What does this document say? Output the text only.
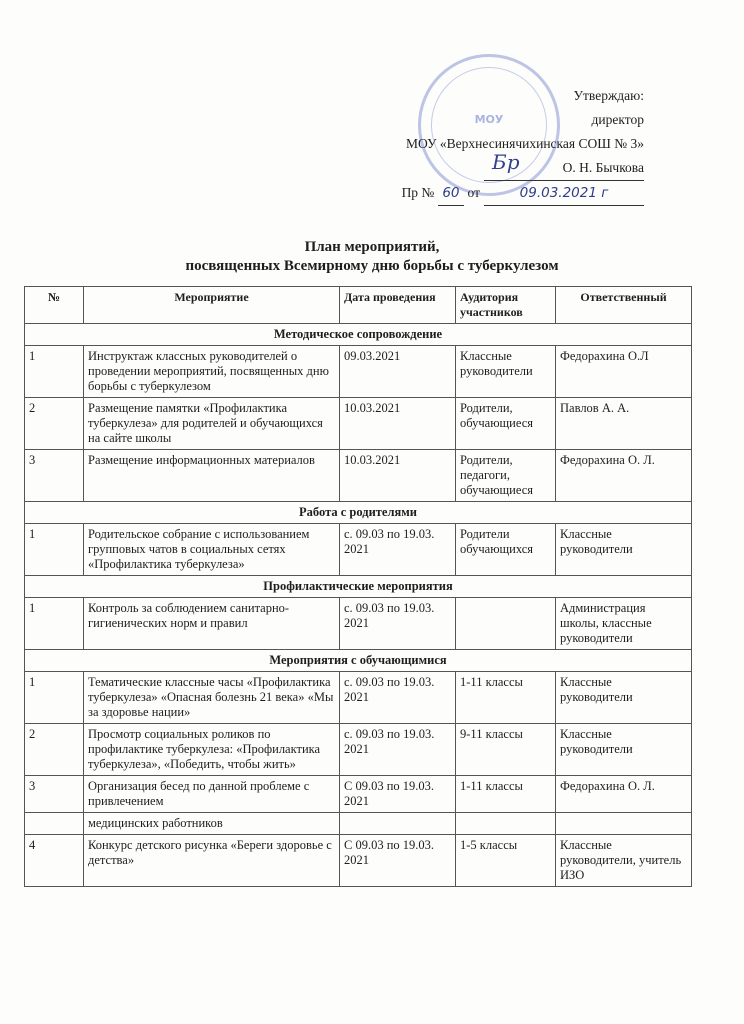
МОУ
Утверждаю:
директор
МОУ «Верхнесинячихинская СОШ № 3»
О. Н. Бычкова
Пр № 60 от	09.03.2021 г
Бр
План мероприятий,
посвященных Всемирному дню борьбы с туберкулезом
№	Мероприятие	Дата проведения	Аудитория участников	Ответственный
Методическое сопровождение				
1	Инструктаж классных руководителей о проведении мероприятий, посвященных дню борьбы с туберкулезом	09.03.2021	Классные руководители	Федорахина О.Л
2	Размещение памятки «Профилактика туберкулеза» для родителей и обучающихся на сайте школы	10.03.2021	Родители, обучающиеся	Павлов А. А.
3	Размещение информационных материалов	10.03.2021	Родители, педагоги, обучающиеся	Федорахина О. Л.
Работа с родителями				
1	Родительское собрание с использованием групповых чатов в социальных сетях «Профилактика туберкулеза»	с. 09.03 по 19.03. 2021	Родители обучающихся	Классные руководители
Профилактические мероприятия				
1	Контроль за соблюдением санитарно-гигиенических норм и правил	с. 09.03 по 19.03. 2021		Администрация школы, классные руководители
Мероприятия с обучающимися				
1	Тематические классные часы «Профилактика туберкулеза» «Опасная болезнь 21 века» «Мы за здоровье нации»	с. 09.03 по 19.03. 2021	1-11 классы	Классные руководители
2	Просмотр социальных роликов по профилактике туберкулеза: «Профилактика туберкулеза», «Победить, чтобы жить»	с. 09.03 по 19.03. 2021	9-11 классы	Классные руководители
3	Организация бесед по данной проблеме с привлечением	С 09.03 по 19.03. 2021	1-11 классы	Федорахина О. Л.
	медицинских работников			
4	Конкурс детского рисунка «Береги здоровье с детства»	С 09.03 по 19.03. 2021	1-5 классы	Классные руководители, учитель ИЗО
